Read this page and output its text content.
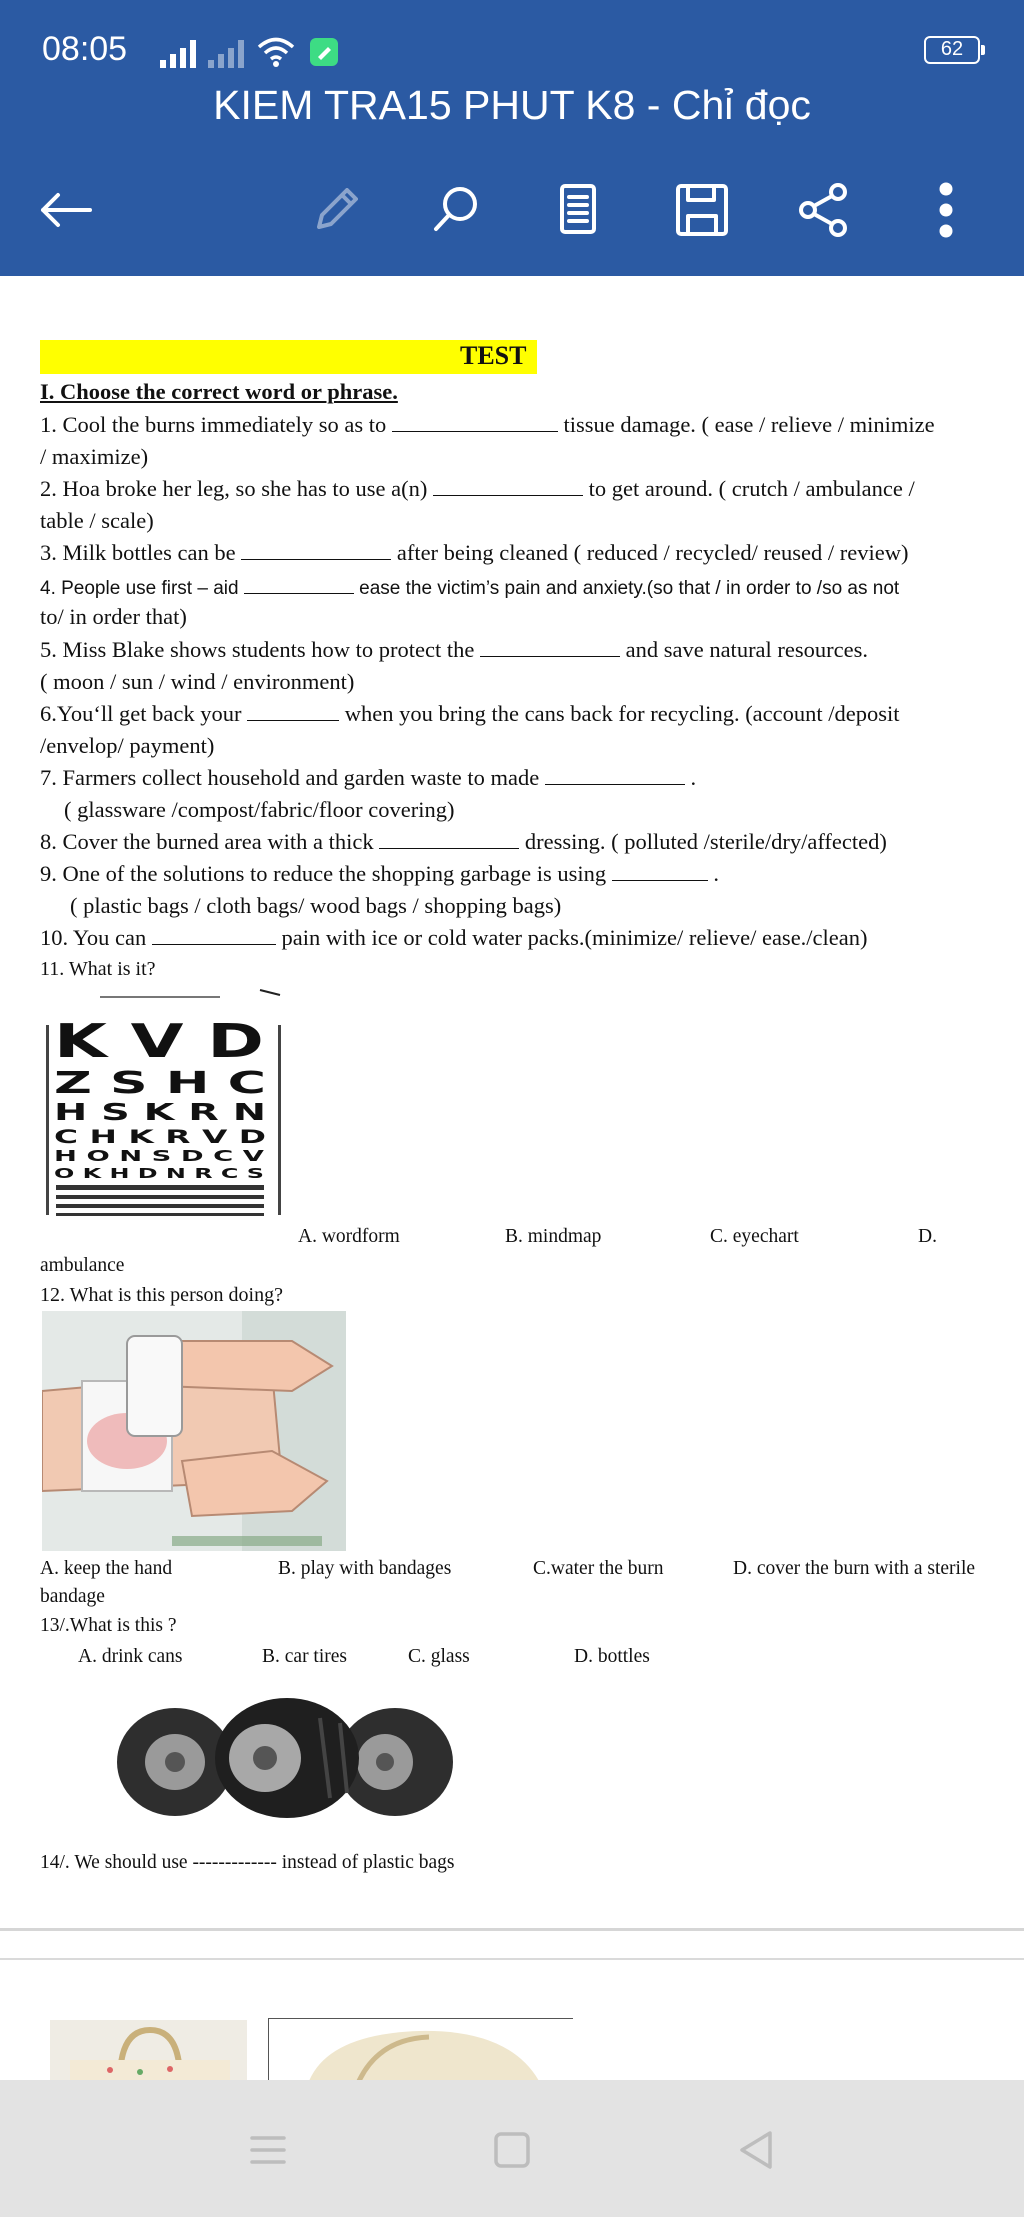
08:05	62
KIEM TRA15 PHUT K8 - Chỉ đọc
TEST
I. Choose the correct word or phrase.
1. Cool the burns immediately so as to	tissue damage. ( ease / relieve / minimize
/ maximize)
2. Hoa broke her leg, so she has to use a(n)	to get around. ( crutch / ambulance /
table / scale)
3. Milk bottles can be	after being cleaned ( reduced / recycled/ reused / review)
4. People use first – aid	ease the victim’s pain and anxiety.(so that / in order to /so as not
to/ in order that)
5. Miss Blake shows students how to protect the	and save natural resources.
( moon / sun / wind / environment)
6.You‘ll get back your	when you bring the cans back for recycling. (account /deposit
/envelop/ payment)
7. Farmers collect household and garden waste to made	.
( glassware /compost/fabric/floor covering)
8. Cover the burned area with a thick	dressing. ( polluted /sterile/dry/affected)
9. One of the solutions to reduce the shopping garbage is using	.
( plastic bags / cloth bags/ wood bags / shopping bags)
10. You can	pain with ice or cold water packs.(minimize/ relieve/ ease./clean)
11. What is it?
K V D
Z S H C
H S K R N
C H K R V D
H O N S D C V
O K H D N R C S
A. wordform	B. mindmap	C. eyechart	D.
ambulance
12. What is this person doing?
A. keep the hand	B. play with bandages	C.water the burn	D. cover the burn with a sterile
bandage
13/.What is this ?
A. drink cans	B. car tires	C. glass	D. bottles
14/. We should use ------------- instead of plastic bags
